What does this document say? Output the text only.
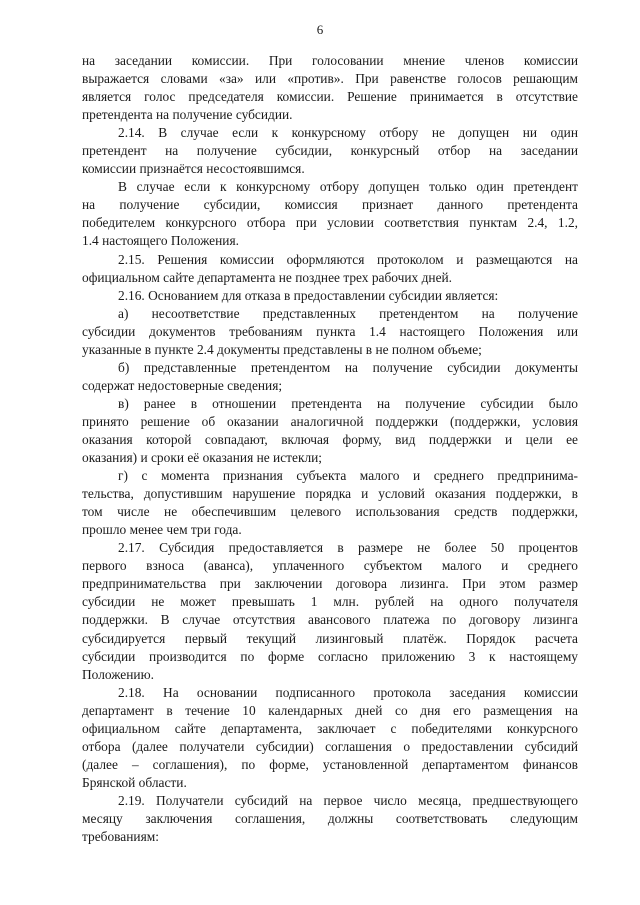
6
на заседании комиссии. При голосовании мнение членов комиссии
выражается словами «за» или «против». При равенстве голосов решающим
является голос председателя комиссии. Решение принимается в отсутствие
претендента на получение субсидии.
2.14. В случае если к конкурсному отбору не допущен ни один
претендент на получение субсидии, конкурсный отбор на заседании
комиссии признаётся несостоявшимся.
В случае если к конкурсному отбору допущен только один претендент
на получение субсидии, комиссия признает данного претендента
победителем конкурсного отбора при условии соответствия пунктам 2.4, 1.2,
1.4 настоящего Положения.
2.15. Решения комиссии оформляются протоколом и размещаются на
официальном сайте департамента не позднее трех рабочих дней.
2.16. Основанием для отказа в предоставлении субсидии является:
а) несоответствие представленных претендентом на получение
субсидии документов требованиям пункта 1.4 настоящего Положения или
указанные в пункте 2.4 документы представлены в не полном объеме;
б) представленные претендентом на получение субсидии документы
содержат недостоверные сведения;
в) ранее в отношении претендента на получение субсидии было
принято решение об оказании аналогичной поддержки (поддержки, условия
оказания которой совпадают, включая форму, вид поддержки и цели ее
оказания) и сроки её оказания не истекли;
г) с момента признания субъекта малого и среднего предпринима-
тельства, допустившим нарушение порядка и условий оказания поддержки, в
том числе не обеспечившим целевого использования средств поддержки,
прошло менее чем три года.
2.17. Субсидия предоставляется в размере не более 50 процентов
первого взноса (аванса), уплаченного субъектом малого и среднего
предпринимательства при заключении договора лизинга. При этом размер
субсидии не может превышать 1 млн. рублей на одного получателя
поддержки. В случае отсутствия авансового платежа по договору лизинга
субсидируется первый текущий лизинговый платёж. Порядок расчета
субсидии производится по форме согласно приложению 3 к настоящему
Положению.
2.18. На основании подписанного протокола заседания комиссии
департамент в течение 10 календарных дней со дня его размещения на
официальном сайте департамента, заключает с победителями конкурсного
отбора (далее получатели субсидии) соглашения о предоставлении субсидий
(далее – соглашения), по форме, установленной департаментом финансов
Брянской области.
2.19. Получатели субсидий на первое число месяца, предшествующего
месяцу заключения соглашения, должны соответствовать следующим
требованиям:
